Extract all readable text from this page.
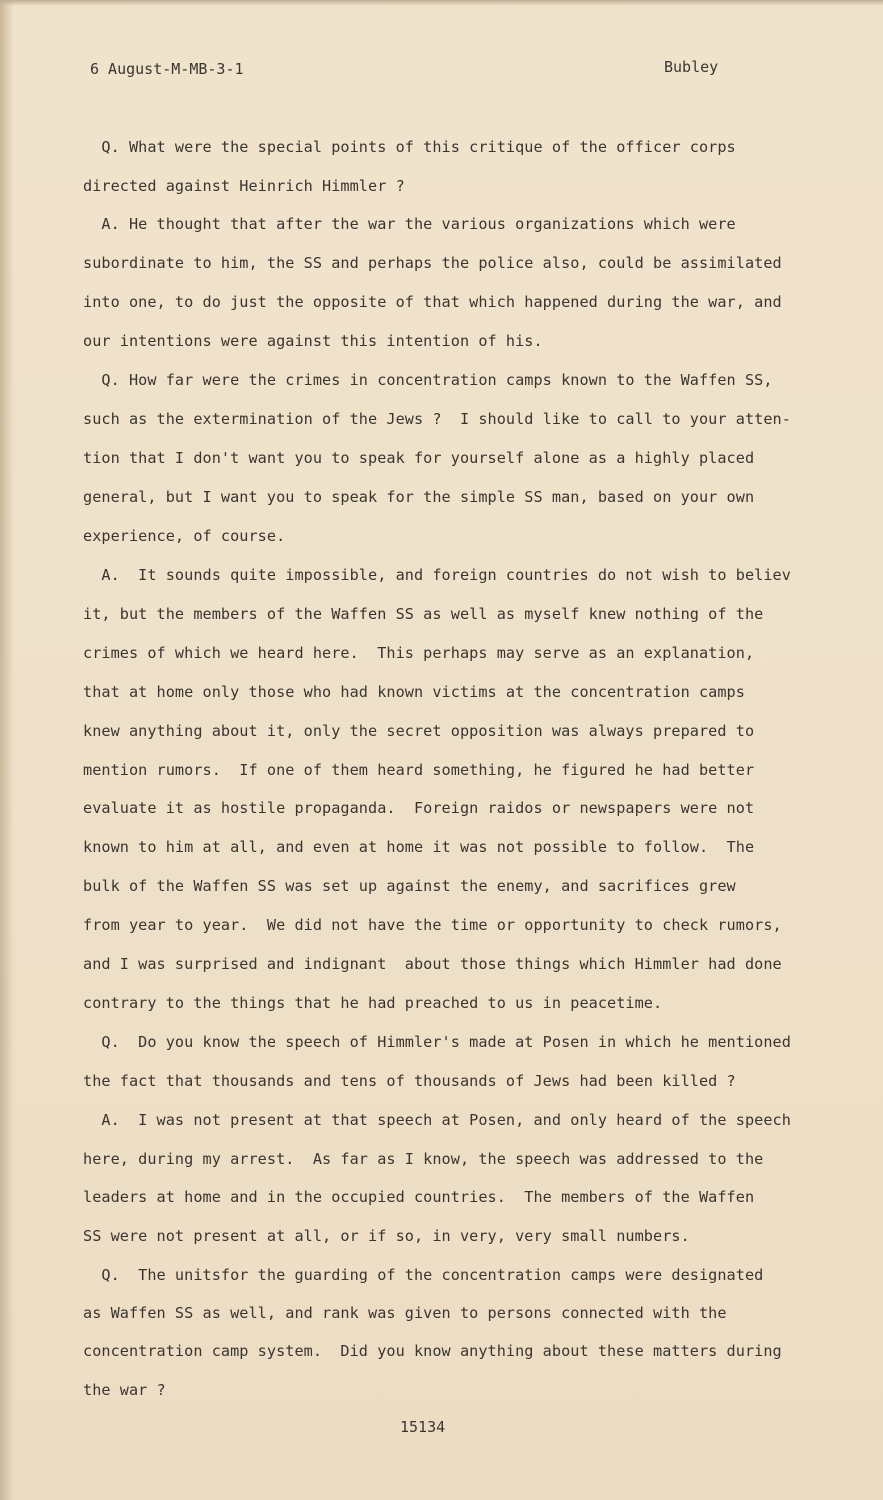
6 August-M-MB-3-1	Bubley
Q. What were the special points of this critique of the officer corps
directed against Heinrich Himmler ?
A. He thought that after the war the various organizations which were
subordinate to him, the SS and perhaps the police also, could be assimilated
into one, to do just the opposite of that which happened during the war, and
our intentions were against this intention of his.
Q. How far were the crimes in concentration camps known to the Waffen SS,
such as the extermination of the Jews ?  I should like to call to your atten-
tion that I don't want you to speak for yourself alone as a highly placed
general, but I want you to speak for the simple SS man, based on your own
experience, of course.
A.  It sounds quite impossible, and foreign countries do not wish to believ
it, but the members of the Waffen SS as well as myself knew nothing of the
crimes of which we heard here.  This perhaps may serve as an explanation,
that at home only those who had known victims at the concentration camps
knew anything about it, only the secret opposition was always prepared to
mention rumors.  If one of them heard something, he figured he had better
evaluate it as hostile propaganda.  Foreign raidos or newspapers were not
known to him at all, and even at home it was not possible to follow.  The
bulk of the Waffen SS was set up against the enemy, and sacrifices grew
from year to year.  We did not have the time or opportunity to check rumors,
and I was surprised and indignant  about those things which Himmler had done
contrary to the things that he had preached to us in peacetime.
Q.  Do you know the speech of Himmler's made at Posen in which he mentioned
the fact that thousands and tens of thousands of Jews had been killed ?
A.  I was not present at that speech at Posen, and only heard of the speech
here, during my arrest.  As far as I know, the speech was addressed to the
leaders at home and in the occupied countries.  The members of the Waffen
SS were not present at all, or if so, in very, very small numbers.
Q.  The unitsfor the guarding of the concentration camps were designated
as Waffen SS as well, and rank was given to persons connected with the
concentration camp system.  Did you know anything about these matters during
the war ?
15134
